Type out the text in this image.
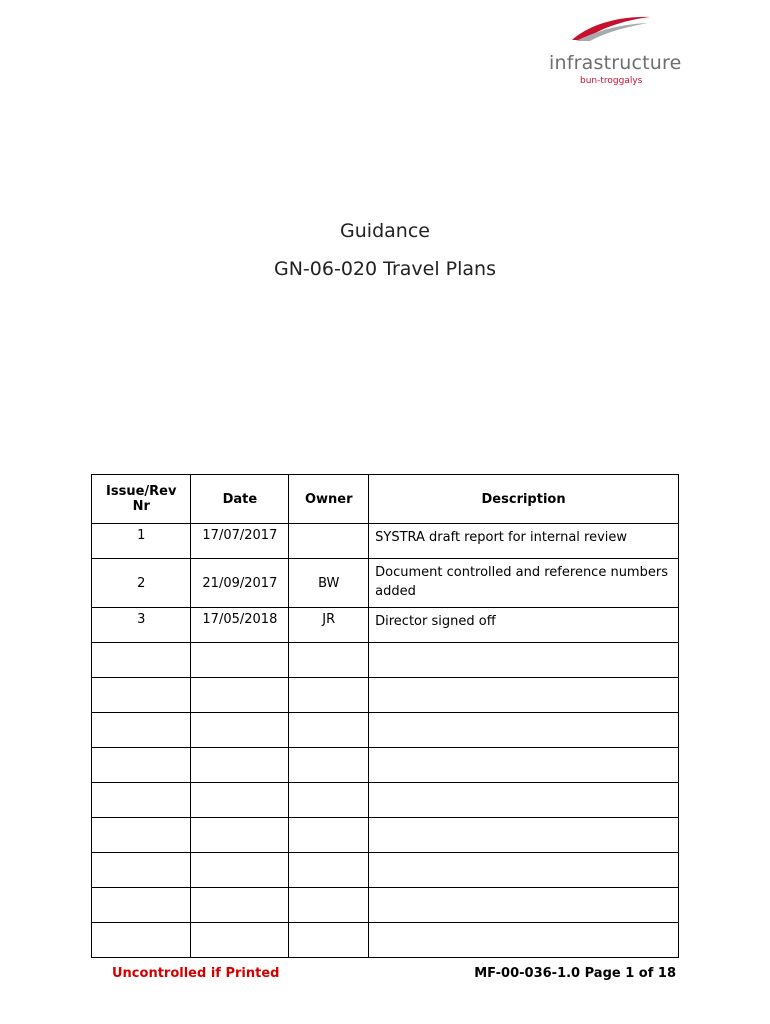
infrastructure
bun-troggalys
Guidance
GN-06-020 Travel Plans
Issue/Rev Nr	Date	Owner	Description
1	17/07/2017		SYSTRA draft report for internal review
2	21/09/2017	BW	Document controlled and reference numbers added
3	17/05/2018	JR	Director signed off

Uncontrolled if Printed	MF-00-036-1.0 Page 1 of 18
